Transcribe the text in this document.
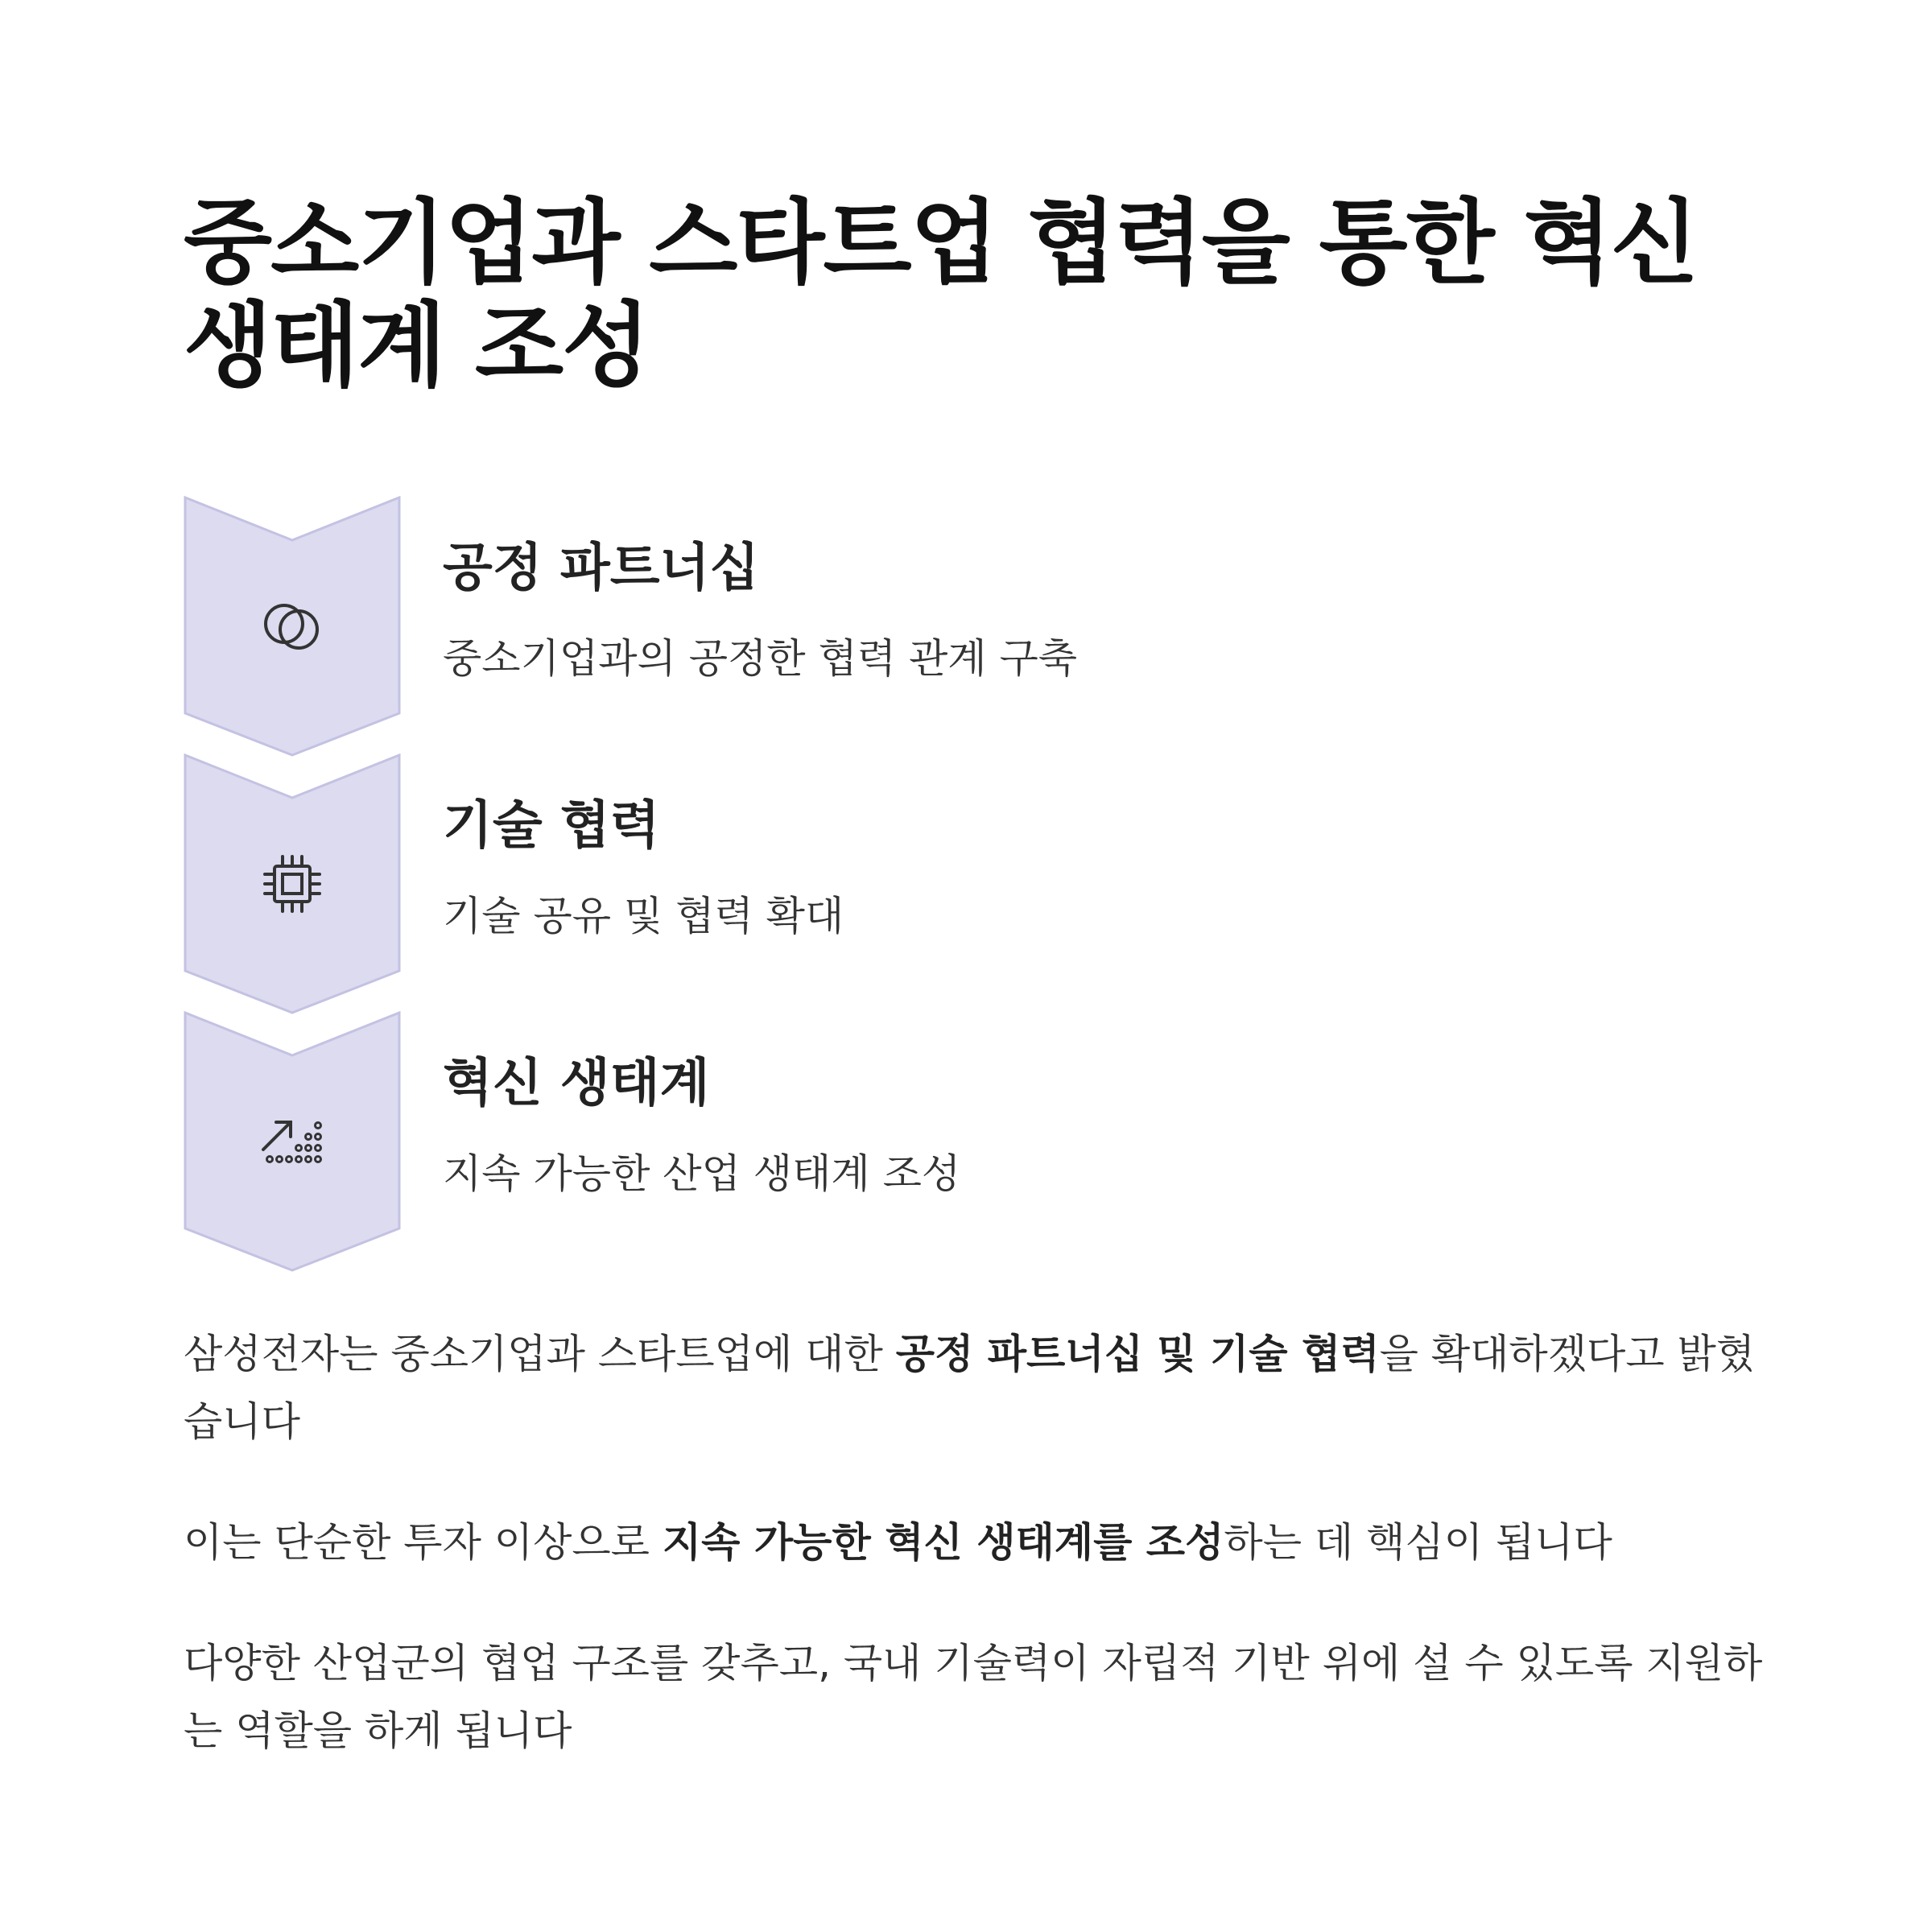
중소기업과 스타트업 협력을 통한 혁신 생태계 조성
공정 파트너십

중소기업과의 공정한 협력 관계 구축

기술 협력

기술 공유 및 협력 확대

혁신 생태계

지속 가능한 산업 생태계 조성

삼성전자는 중소기업과 스타트업에 대한 공정 파트너십 및 기술 협력을 확대하겠다고 밝혔습니다

이는 단순한 투자 이상으로 지속 가능한 혁신 생태계를 조성하는 데 핵심이 됩니다

다양한 산업군의 협업 구조를 갖추고, 국내 기술력이 자립적 기반 위에 설 수 있도록 지원하는 역할을 하게 됩니다
